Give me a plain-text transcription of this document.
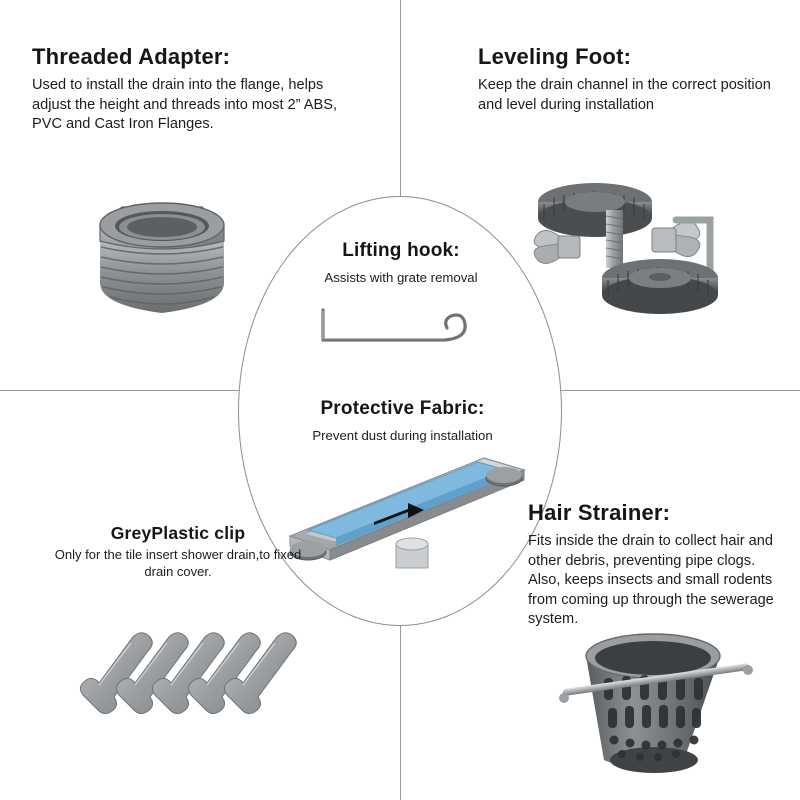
Threaded Adapter:

Used to install the drain into the flange, helps adjust the height and threads into most 2” ABS, PVC and Cast Iron Flanges.

Leveling Foot:

Keep the drain channel in the correct position and level during installation

Lifting hook:

Assists with grate removal

Protective Fabric:

Prevent dust during installation

GreyPlastic clip

Only for the tile insert shower drain,to fixed drain cover.

Hair Strainer:

Fits inside the drain to collect hair and other debris, preventing pipe clogs. Also, keeps insects and small rodents from coming up through the sewerage system.
